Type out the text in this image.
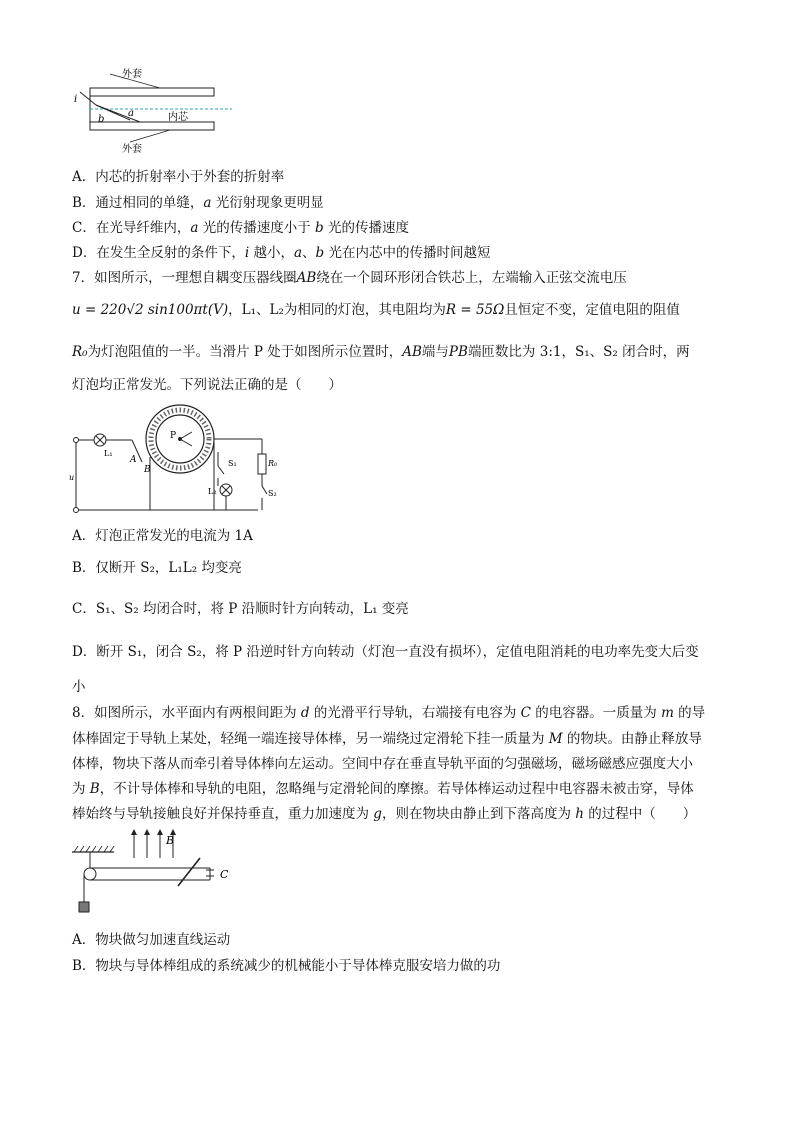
外套
外套
内芯
i
a
b
A．内芯的折射率小于外套的折射率
B．通过相同的单缝，a 光衍射现象更明显
C．在光导纤维内，a 光的传播速度小于 b 光的传播速度
D．在发生全反射的条件下，i 越小，a、b 光在内芯中的传播时间越短
7．如图所示，一理想自耦变压器线圈AB绕在一个圆环形闭合铁芯上，左端输入正弦交流电压
u = 220√2 sin100πt(V)，L₁、L₂为相同的灯泡，其电阻均为R = 55Ω且恒定不变，定值电阻的阻值
R₀为灯泡阻值的一半。当滑片 P 处于如图所示位置时，AB端与PB端匝数比为 3:1，S₁、S₂ 闭合时，两
灯泡均正常发光。下列说法正确的是（　　）
L₁
A
B
P
S₁
L₂
R₀
S₂
u
A．灯泡正常发光的电流为 1A
B．仅断开 S₂，L₁L₂ 均变亮
C．S₁、S₂ 均闭合时，将 P 沿顺时针方向转动，L₁ 变亮
D．断开 S₁，闭合 S₂，将 P 沿逆时针方向转动（灯泡一直没有损坏），定值电阻消耗的电功率先变大后变
小
8．如图所示，水平面内有两根间距为 d 的光滑平行导轨，右端接有电容为 C 的电容器。一质量为 m 的导
体棒固定于导轨上某处，轻绳一端连接导体棒，另一端绕过定滑轮下挂一质量为 M 的物块。由静止释放导
体棒，物块下落从而牵引着导体棒向左运动。空间中存在垂直导轨平面的匀强磁场，磁场磁感应强度大小
为 B，不计导体棒和导轨的电阻，忽略绳与定滑轮间的摩擦。若导体棒运动过程中电容器未被击穿，导体
棒始终与导轨接触良好并保持垂直，重力加速度为 g，则在物块由静止到下落高度为 h 的过程中（　　）
B
C
A．物块做匀加速直线运动
B．物块与导体棒组成的系统减少的机械能小于导体棒克服安培力做的功
